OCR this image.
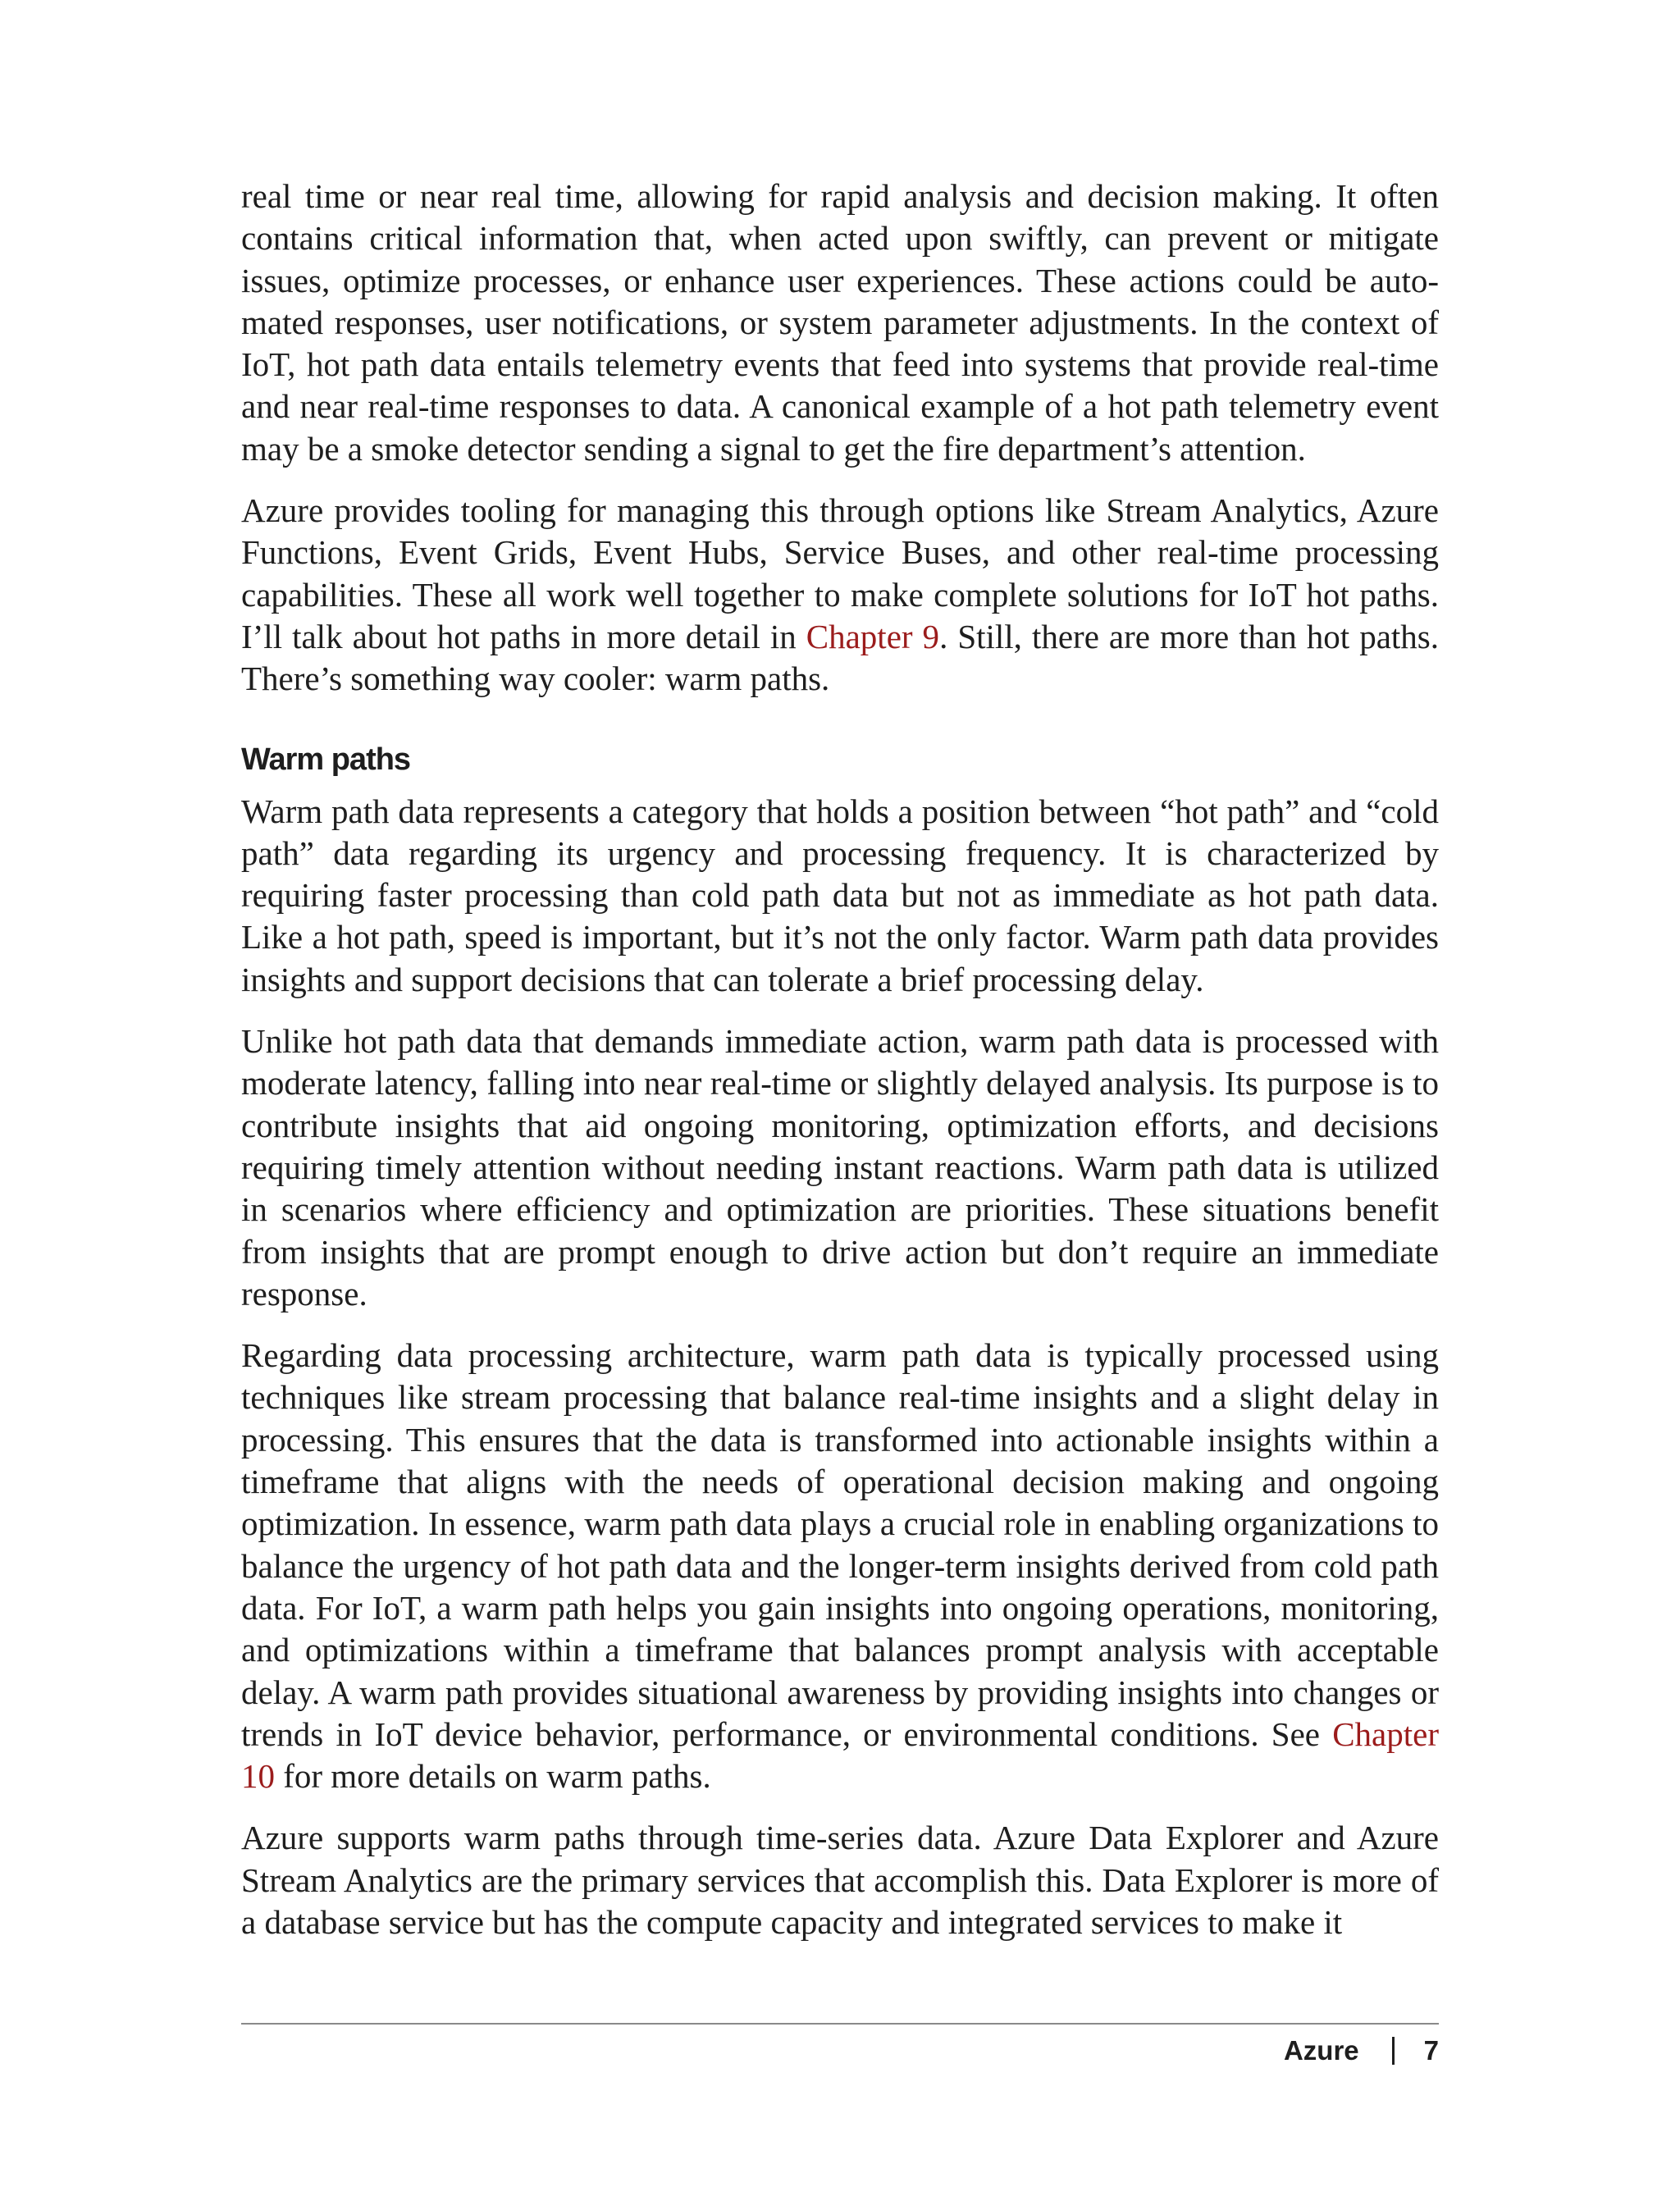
real time or near real time, allowing for rapid analysis and decision making. It often contains critical information that, when acted upon swiftly, can prevent or mitigate issues, optimize processes, or enhance user experiences. These actions could be automated responses, user notifications, or system parameter adjustments. In the context of IoT, hot path data entails telemetry events that feed into systems that provide real-time and near real-time responses to data. A canonical example of a hot path telemetry event may be a smoke detector sending a signal to get the fire department’s attention.

Azure provides tooling for managing this through options like Stream Analytics, Azure Functions, Event Grids, Event Hubs, Service Buses, and other real-time processing capabilities. These all work well together to make complete solutions for IoT hot paths. I’ll talk about hot paths in more detail in Chapter 9. Still, there are more than hot paths. There’s something way cooler: warm paths.

Warm paths

Warm path data represents a category that holds a position between “hot path” and “cold path” data regarding its urgency and processing frequency. It is characterized by requiring faster processing than cold path data but not as immediate as hot path data. Like a hot path, speed is important, but it’s not the only factor. Warm path data provides insights and support decisions that can tolerate a brief processing delay.

Unlike hot path data that demands immediate action, warm path data is processed with moderate latency, falling into near real-time or slightly delayed analysis. Its purpose is to contribute insights that aid ongoing monitoring, optimization efforts, and decisions requiring timely attention without needing instant reactions. Warm path data is utilized in scenarios where efficiency and optimization are priorities. These situations benefit from insights that are prompt enough to drive action but don’t require an immediate response.

Regarding data processing architecture, warm path data is typically processed using techniques like stream processing that balance real-time insights and a slight delay in processing. This ensures that the data is transformed into actionable insights within a timeframe that aligns with the needs of operational decision making and ongoing optimization. In essence, warm path data plays a crucial role in enabling organizations to balance the urgency of hot path data and the longer-term insights derived from cold path data. For IoT, a warm path helps you gain insights into ongoing operations, monitoring, and optimizations within a timeframe that balances prompt analysis with acceptable delay. A warm path provides situational awareness by providing insights into changes or trends in IoT device behavior, performance, or environmental conditions. See Chapter 10 for more details on warm paths.

Azure supports warm paths through time-series data. Azure Data Explorer and Azure Stream Analytics are the primary services that accomplish this. Data Explorer is more of a database service but has the compute capacity and integrated services to make it

Azure 7
